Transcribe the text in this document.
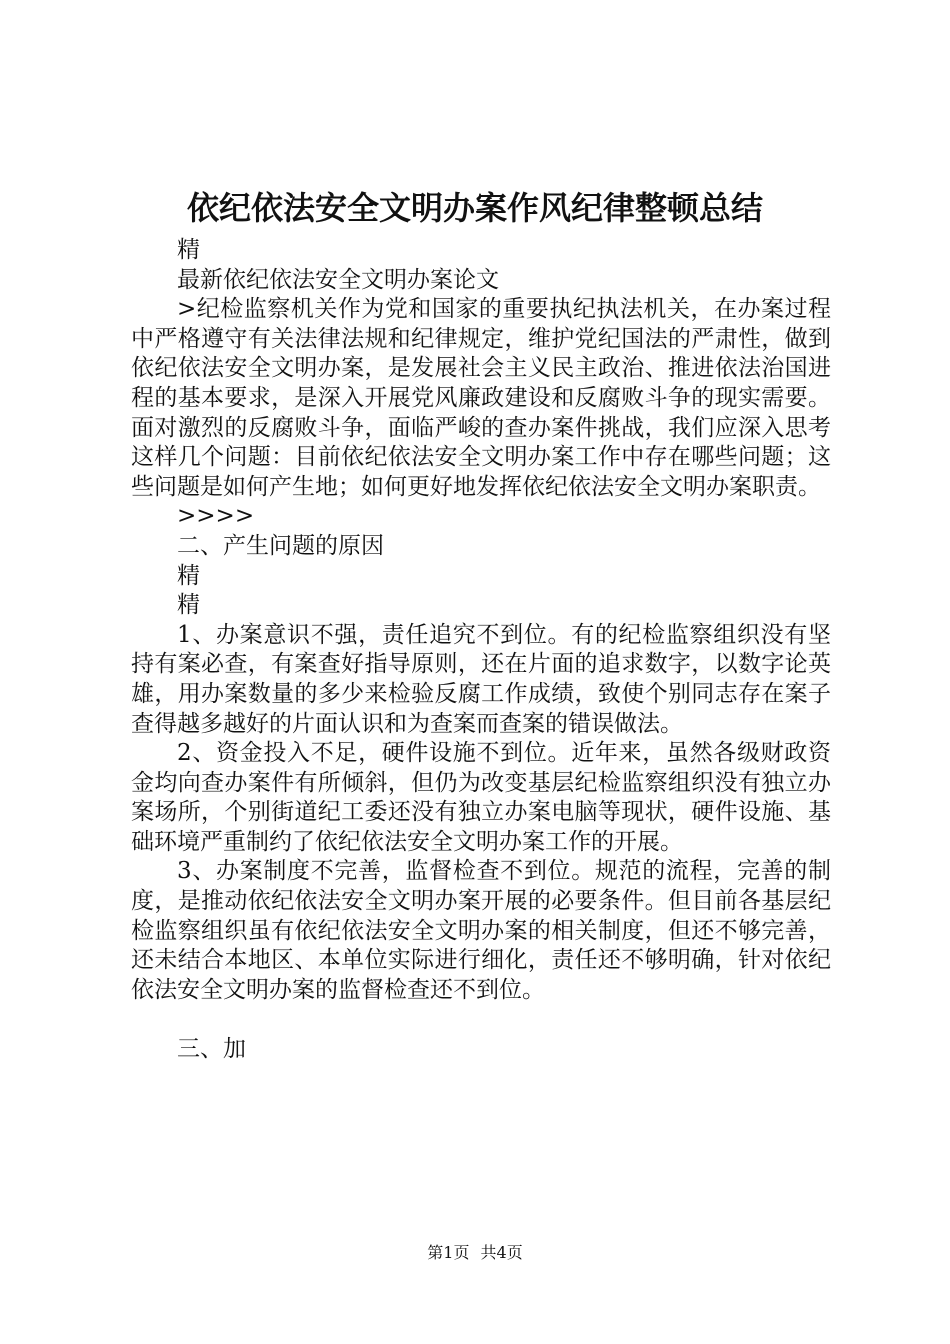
依纪依法安全文明办案作风纪律整顿总结

精

最新依纪依法安全文明办案论文

>纪检监察机关作为党和国家的重要执纪执法机关，在办案过程中严格遵守有关法律法规和纪律规定，维护党纪国法的严肃性，做到依纪依法安全文明办案，是发展社会主义民主政治、推进依法治国进程的基本要求，是深入开展党风廉政建设和反腐败斗争的现实需要。面对激烈的反腐败斗争，面临严峻的查办案件挑战，我们应深入思考这样几个问题：目前依纪依法安全文明办案工作中存在哪些问题；这些问题是如何产生地；如何更好地发挥依纪依法安全文明办案职责。

>>>>

二、产生问题的原因

精

精

1、办案意识不强，责任追究不到位。有的纪检监察组织没有坚持有案必查，有案查好指导原则，还在片面的追求数字，以数字论英雄，用办案数量的多少来检验反腐工作成绩，致使个别同志存在案子查得越多越好的片面认识和为查案而查案的错误做法。

2、资金投入不足，硬件设施不到位。近年来，虽然各级财政资金均向查办案件有所倾斜，但仍为改变基层纪检监察组织没有独立办案场所，个别街道纪工委还没有独立办案电脑等现状，硬件设施、基础环境严重制约了依纪依法安全文明办案工作的开展。

3、办案制度不完善，监督检查不到位。规范的流程，完善的制度，是推动依纪依法安全文明办案开展的必要条件。但目前各基层纪检监察组织虽有依纪依法安全文明办案的相关制度，但还不够完善，还未结合本地区、本单位实际进行细化，责任还不够明确，针对依纪依法安全文明办案的监督检查还不到位。

三、加

第1页 共4页
